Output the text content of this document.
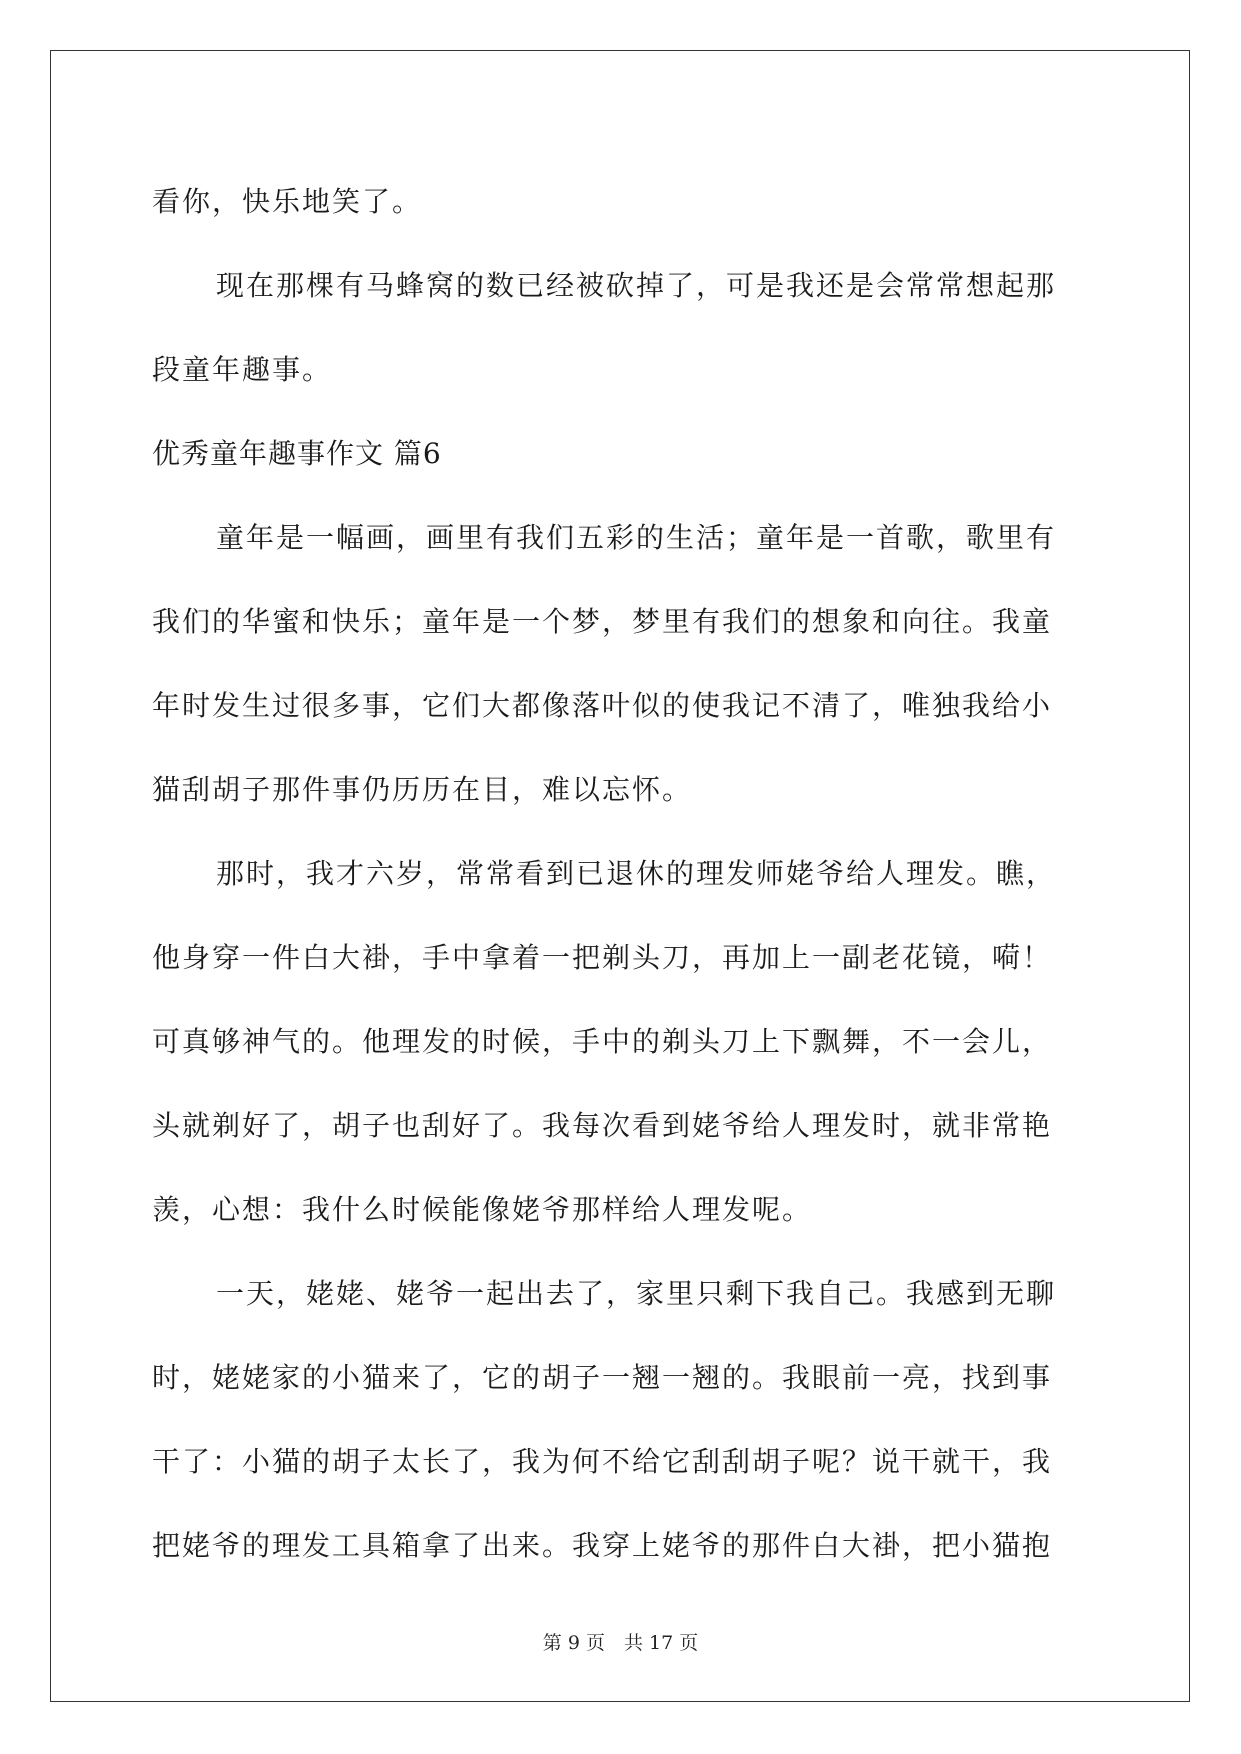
看你，快乐地笑了。
现在那棵有马蜂窝的数已经被砍掉了，可是我还是会常常想起那
段童年趣事。
优秀童年趣事作文 篇6
童年是一幅画，画里有我们五彩的生活；童年是一首歌，歌里有
我们的华蜜和快乐；童年是一个梦，梦里有我们的想象和向往。我童
年时发生过很多事，它们大都像落叶似的使我记不清了，唯独我给小
猫刮胡子那件事仍历历在目，难以忘怀。
那时，我才六岁，常常看到已退休的理发师姥爷给人理发。瞧，
他身穿一件白大褂，手中拿着一把剃头刀，再加上一副老花镜，嗬！
可真够神气的。他理发的时候，手中的剃头刀上下飘舞，不一会儿，
头就剃好了，胡子也刮好了。我每次看到姥爷给人理发时，就非常艳
羡，心想：我什么时候能像姥爷那样给人理发呢。
一天，姥姥、姥爷一起出去了，家里只剩下我自己。我感到无聊
时，姥姥家的小猫来了，它的胡子一翘一翘的。我眼前一亮，找到事
干了：小猫的胡子太长了，我为何不给它刮刮胡子呢？说干就干，我
把姥爷的理发工具箱拿了出来。我穿上姥爷的那件白大褂，把小猫抱
第 9 页　共 17 页
